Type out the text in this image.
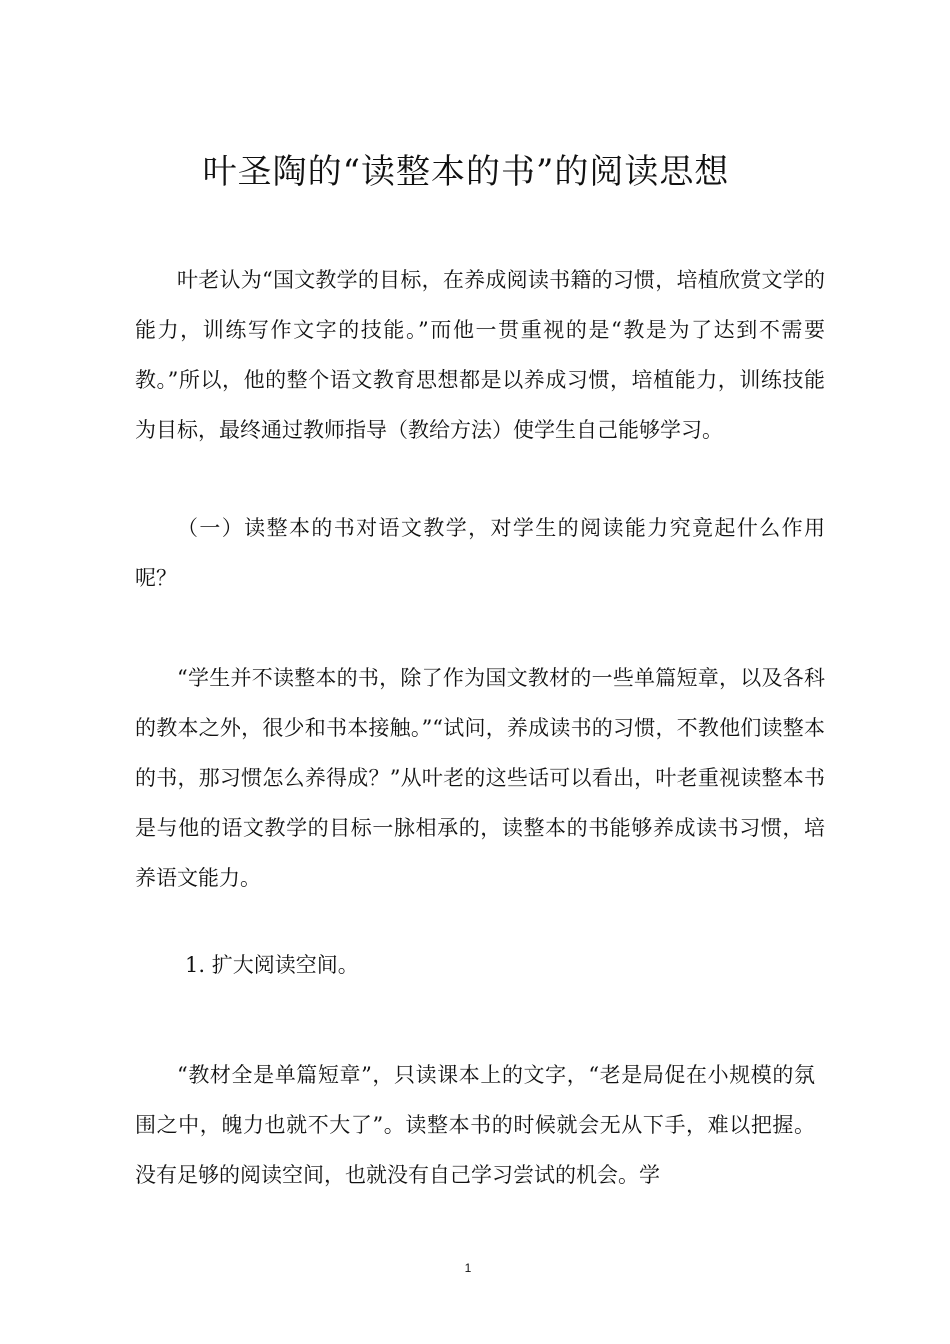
叶圣陶的“读整本的书”的阅读思想
叶老认为“国文教学的目标，在养成阅读书籍的习惯，培植欣赏文学的能力，训练写作文字的技能。”而他一贯重视的是“教是为了达到不需要教。”所以，他的整个语文教育思想都是以养成习惯，培植能力，训练技能为目标，最终通过教师指导（教给方法）使学生自己能够学习。
（一）读整本的书对语文教学，对学生的阅读能力究竟起什么作用呢？
“学生并不读整本的书，除了作为国文教材的一些单篇短章，以及各科的教本之外，很少和书本接触。”“试问，养成读书的习惯，不教他们读整本的书，那习惯怎么养得成？”从叶老的这些话可以看出，叶老重视读整本书是与他的语文教学的目标一脉相承的，读整本的书能够养成读书习惯，培养语文能力。
1. 扩大阅读空间。
“教材全是单篇短章”，只读课本上的文字，“老是局促在小规模的氛围之中，魄力也就不大了”。读整本书的时候就会无从下手，难以把握。没有足够的阅读空间，也就没有自己学习尝试的机会。学
1
